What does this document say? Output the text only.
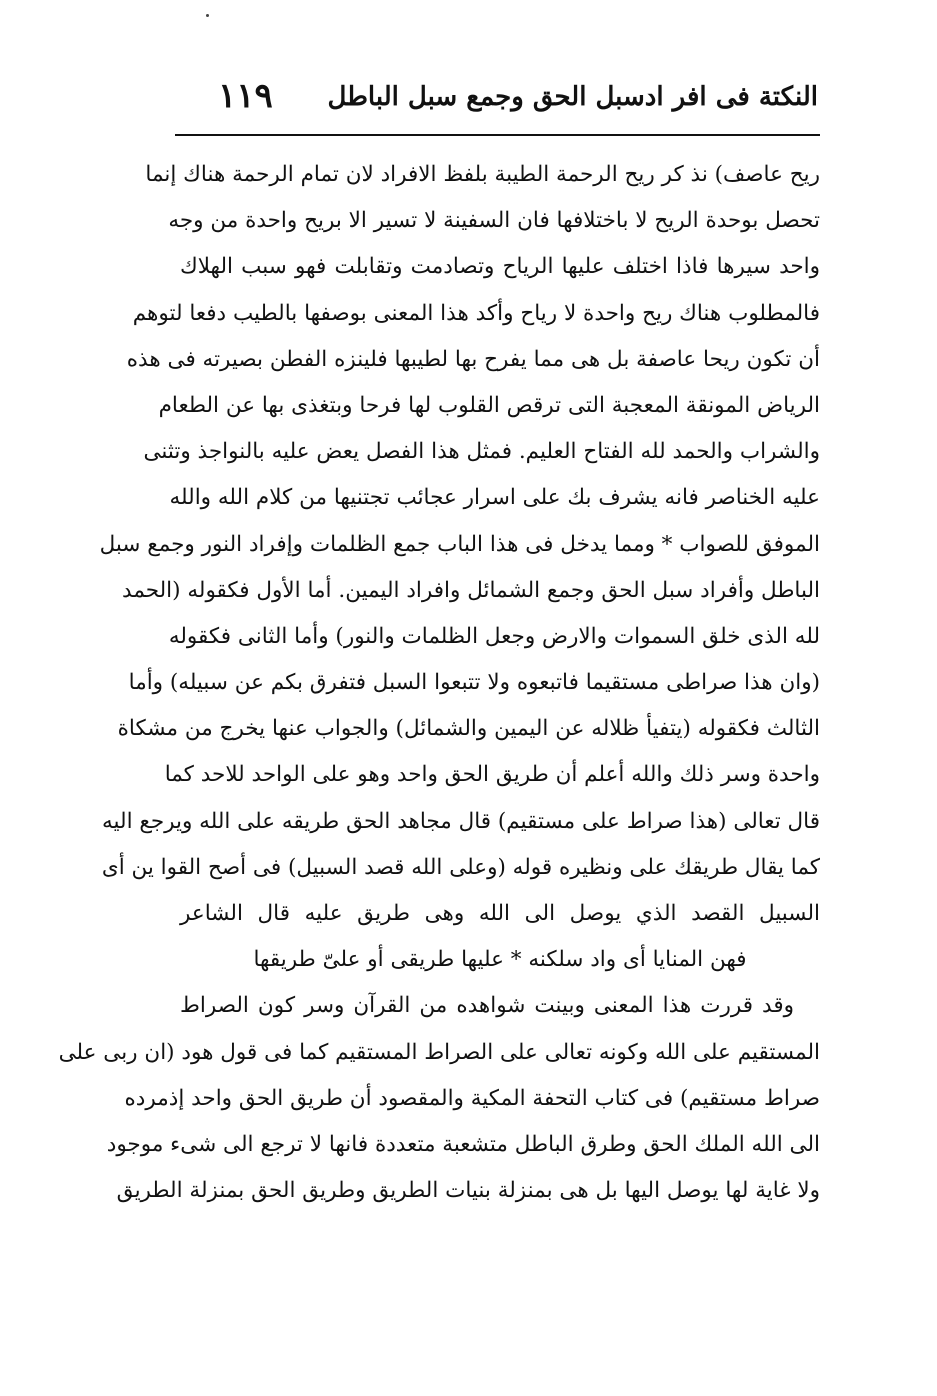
النكتة فى افر ادسبل الحق وجمع سبل الباطل
١١٩
ريح عاصف) نذ كر ريح الرحمة الطيبة بلفظ الافراد لان تمام الرحمة هناك إنما
تحصل بوحدة الريح لا باختلافها فان السفينة لا تسير الا بريح واحدة من وجه
واحد سيرها فاذا اختلف عليها الرياح وتصادمت وتقابلت فهو سبب الهلاك
فالمطلوب هناك ريح واحدة لا رياح وأكد هذا المعنى بوصفها بالطيب دفعا لتوهم
أن تكون ريحا عاصفة بل هى مما يفرح بها لطيبها فلينزه الفطن بصيرته فى هذه
الرياض المونقة المعجبة التى ترقص القلوب لها فرحا وبتغذى بها عن الطعام
والشراب والحمد لله الفتاح العليم. فمثل هذا الفصل يعض عليه بالنواجذ وتثنى
عليه الخناصر فانه يشرف بك على اسرار عجائب تجتنيها من كلام الله والله
الموفق للصواب * ومما يدخل فى هذا الباب جمع الظلمات وإفراد النور وجمع سبل
الباطل وأفراد سبل الحق وجمع الشمائل وافراد اليمين. أما الأول فكقوله (الحمد
لله الذى خلق السموات والارض وجعل الظلمات والنور) وأما الثانى فكقوله
(وان هذا صراطى مستقيما فاتبعوه ولا تتبعوا السبل فتفرق بكم عن سبيله) وأما
الثالث فكقوله (يتفيأ ظلاله عن اليمين والشمائل) والجواب عنها يخرج من مشكاة
واحدة وسر ذلك والله أعلم أن طريق الحق واحد وهو على الواحد للاحد كما
قال تعالى (هذا صراط على مستقيم) قال مجاهد الحق طريقه على الله ويرجع اليه
كما يقال طريقك على ونظيره قوله (وعلى الله قصد السبيل) فى أصح القوا ين أى
السبيل القصد الذي يوصل الى الله وهى طريق عليه قال الشاعر
فهن المنايا أى واد سلكنه * عليها طريقى أو علىّ طريقها
وقد قررت هذا المعنى وبينت شواهده من القرآن وسر كون الصراط
المستقيم على الله وكونه تعالى على الصراط المستقيم كما فى قول هود (ان ربى على
صراط مستقيم) فى كتاب التحفة المكية والمقصود أن طريق الحق واحد إذمرده
الى الله الملك الحق وطرق الباطل متشعبة متعددة فانها لا ترجع الى شىء موجود
ولا غاية لها يوصل اليها بل هى بمنزلة بنيات الطريق وطريق الحق بمنزلة الطريق
